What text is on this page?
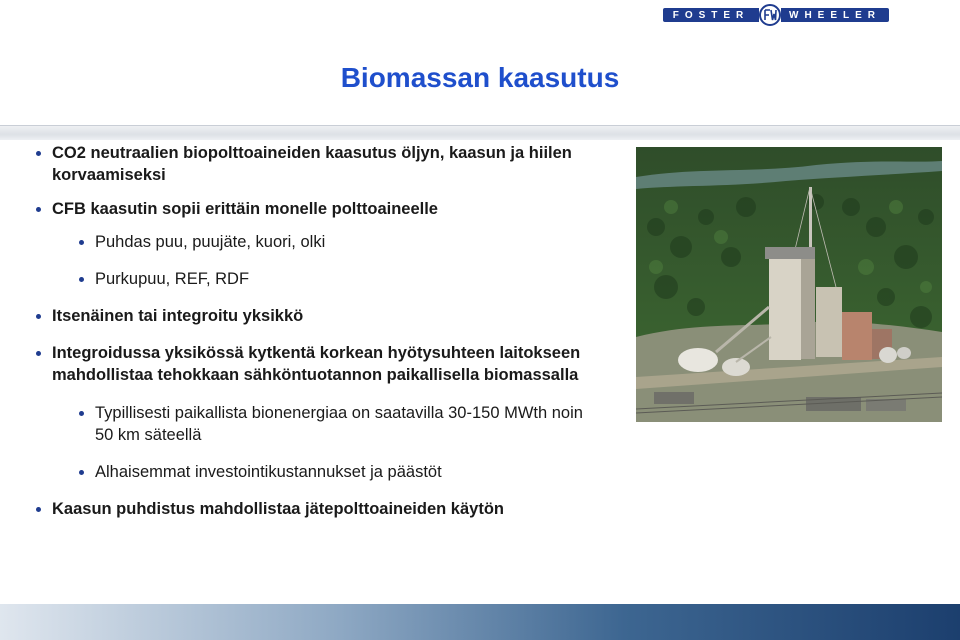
FOSTER	WHEELER
Biomassan kaasutus
CO2 neutraalien biopolttoaineiden kaasutus öljyn, kaasun ja hiilen korvaamiseksi
CFB kaasutin sopii erittäin monelle polttoaineelle
Puhdas puu, puujäte, kuori, olki
Purkupuu, REF, RDF
Itsenäinen tai integroitu yksikkö
Integroidussa yksikössä kytkentä korkean hyötysuhteen laitokseen mahdollistaa tehokkaan sähköntuotannon paikallisella biomassalla
Typillisesti paikallista bionenergiaa on saatavilla 30-150 MWth noin 50 km säteellä
Alhaisemmat investointikustannukset ja päästöt
Kaasun puhdistus mahdollistaa jätepolttoaineiden käytön
